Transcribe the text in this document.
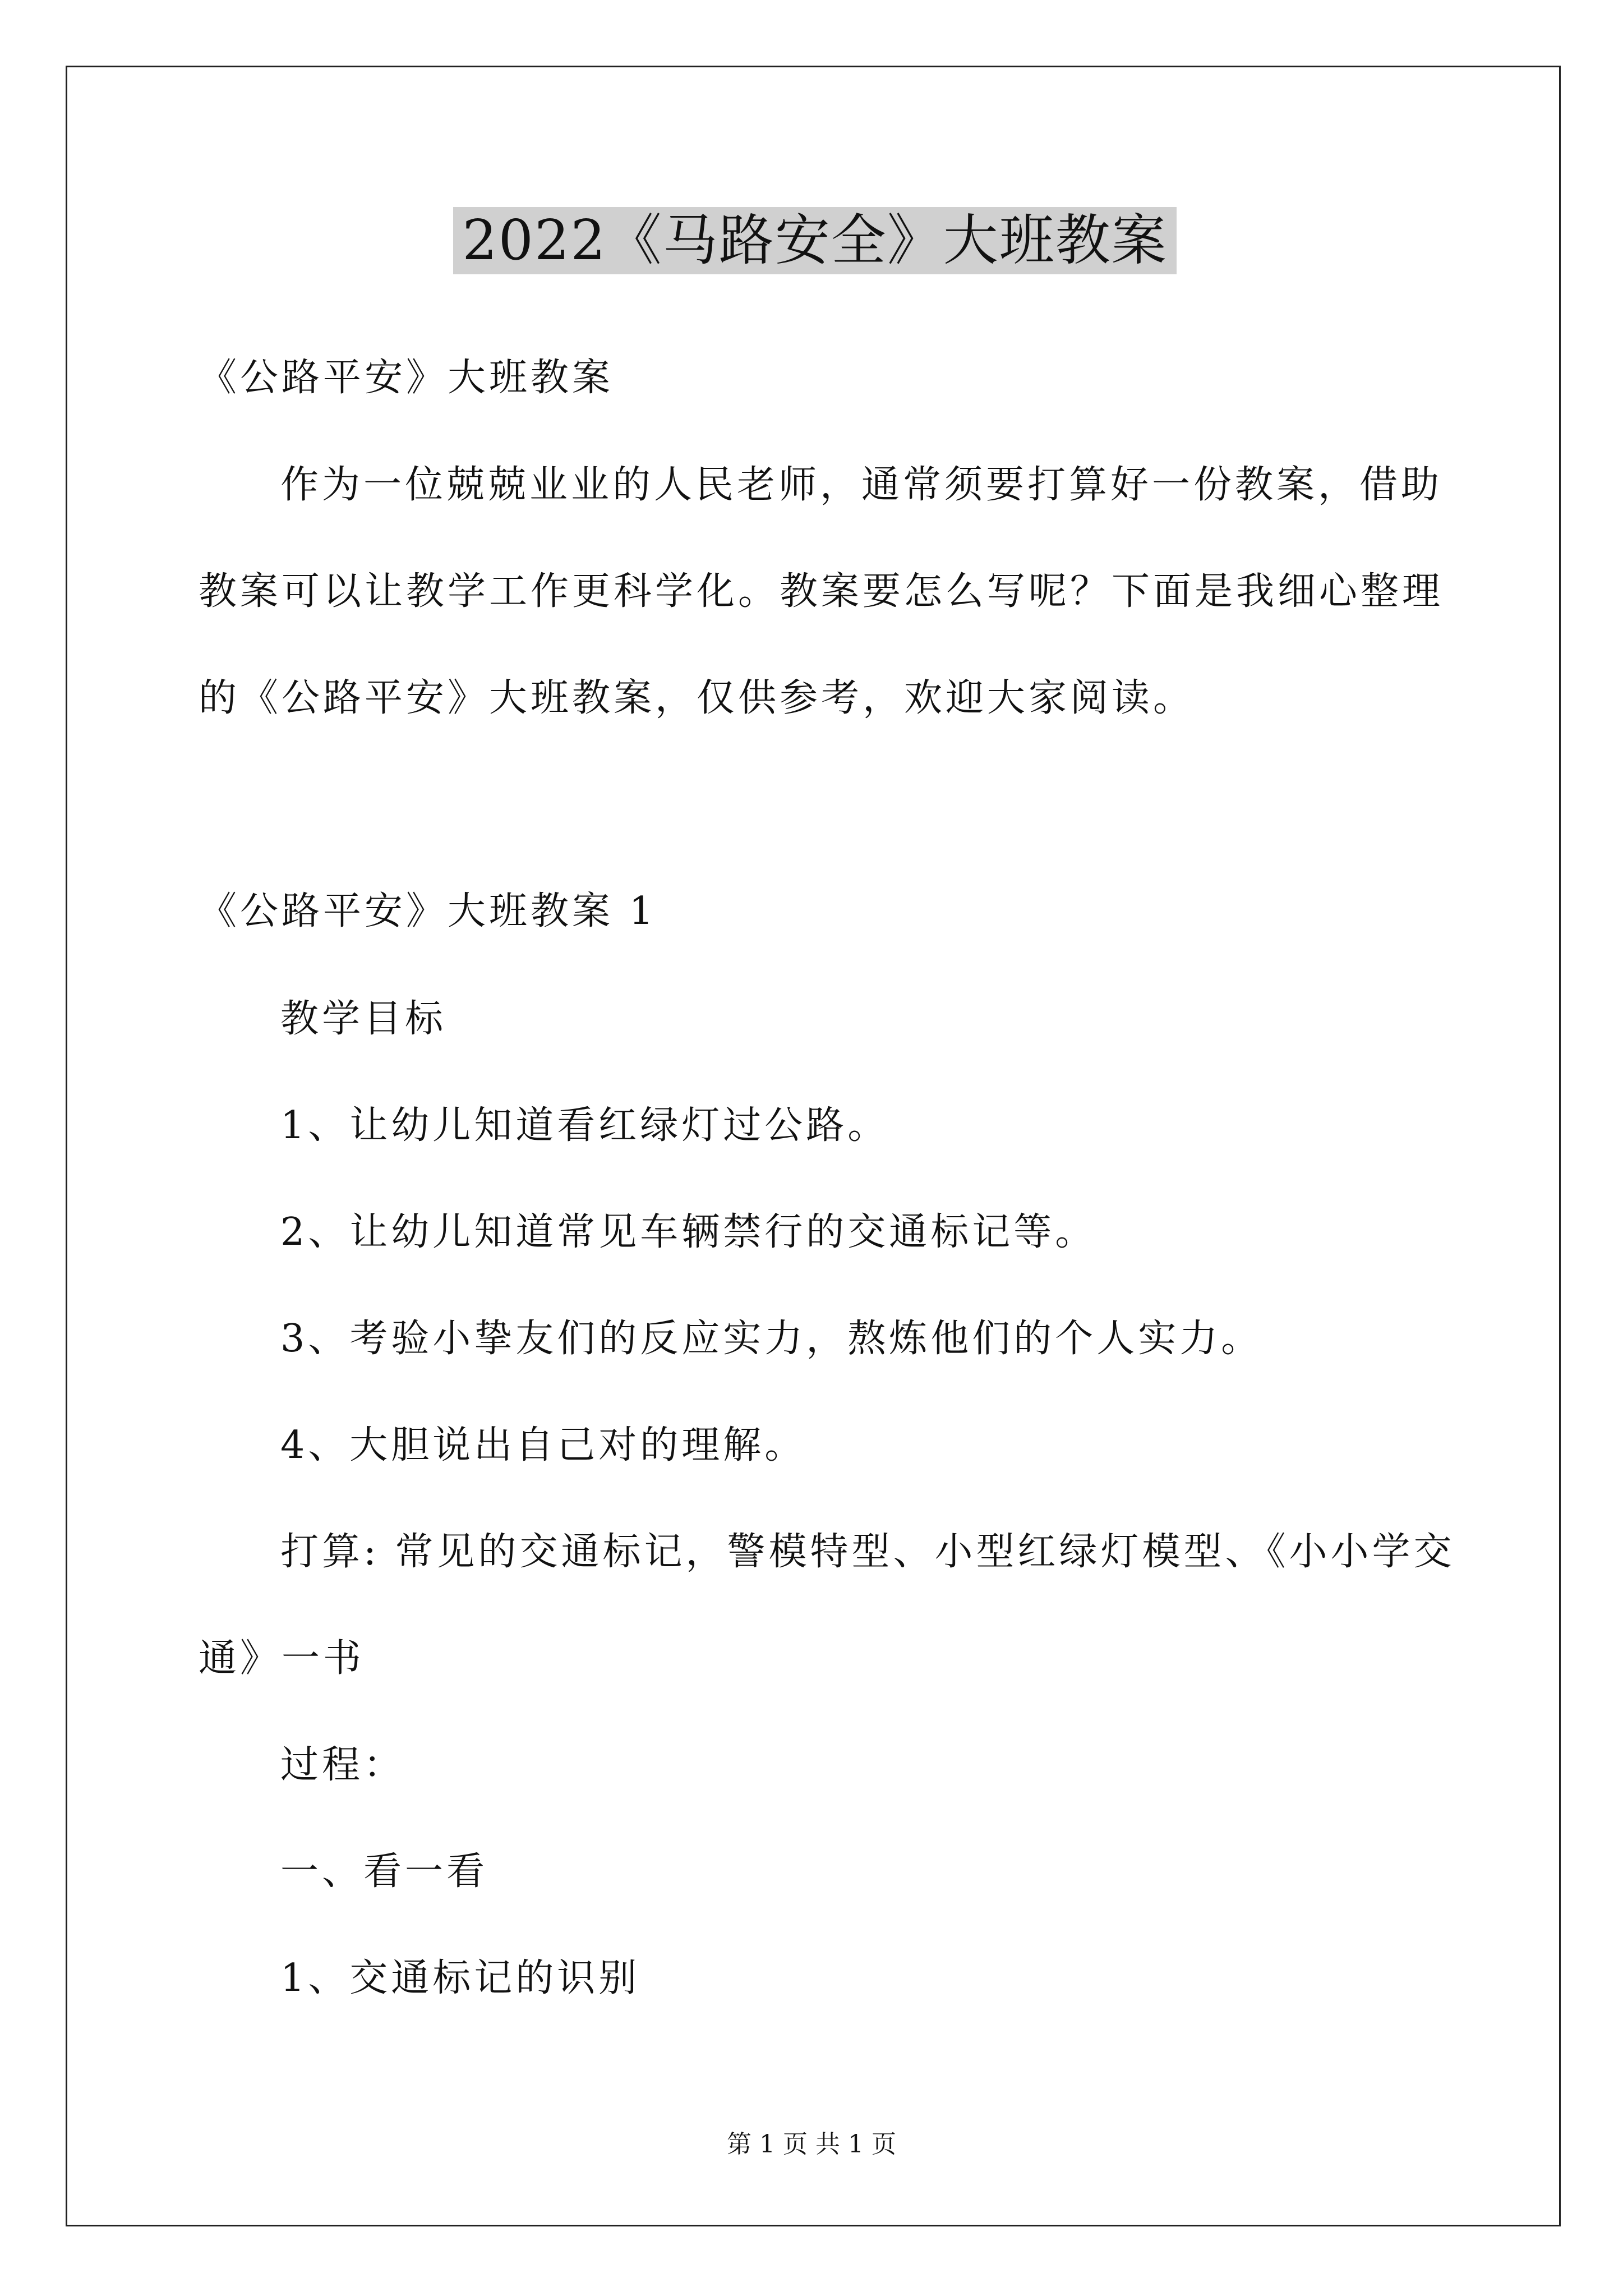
2022《马路安全》大班教案
《公路平安》大班教案
作为一位兢兢业业的人民老师，通常须要打算好一份教案，借助
教案可以让教学工作更科学化。教案要怎么写呢？下面是我细心整理
的《公路平安》大班教案，仅供参考，欢迎大家阅读。
《公路平安》大班教案 1
教学目标
1、让幼儿知道看红绿灯过公路。
2、让幼儿知道常见车辆禁行的交通标记等。
3、考验小挚友们的反应实力，熬炼他们的个人实力。
4、大胆说出自己对的理解。
打算: 常见的交通标记，警模特型、小型红绿灯模型、《小小学交
通》一书
过程：
一、看一看
1、交通标记的识别
第 1 页 共 1 页
